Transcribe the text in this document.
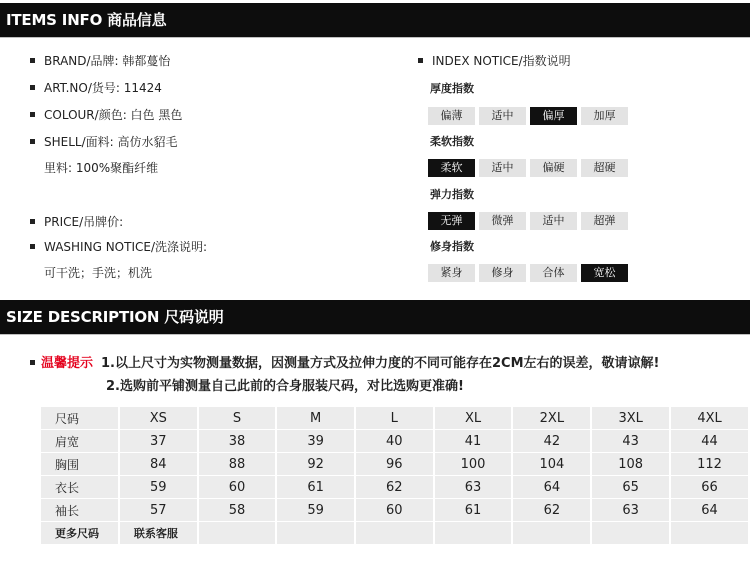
ITEMS INFO 商品信息
BRAND/品牌: 韩都蔓怡
ART.NO/货号: 11424
COLOUR/颜色: 白色 黑色
SHELL/面料: 高仿水貂毛
里料: 100%聚酯纤维
PRICE/吊牌价:
WASHING NOTICE/洗涤说明:
可干洗；手洗；机洗
INDEX NOTICE/指数说明
厚度指数
偏薄	适中	偏厚	加厚
柔软指数
柔软	适中	偏硬	超硬
弹力指数
无弹	微弹	适中	超弹
修身指数
紧身	修身	合体	宽松
SIZE DESCRIPTION 尺码说明
温馨提示 1.以上尺寸为实物测量数据，因测量方式及拉伸力度的不同可能存在2CM左右的误差，敬请谅解!
2.选购前平铺测量自己此前的合身服装尺码，对比选购更准确!
尺码	XS	S	M	L	XL	2XL	3XL	4XL
肩宽	37	38	39	40	41	42	43	44
胸围	84	88	92	96	100	104	108	112
衣长	59	60	61	62	63	64	65	66
袖长	57	58	59	60	61	62	63	64
更多尺码	联系客服							
